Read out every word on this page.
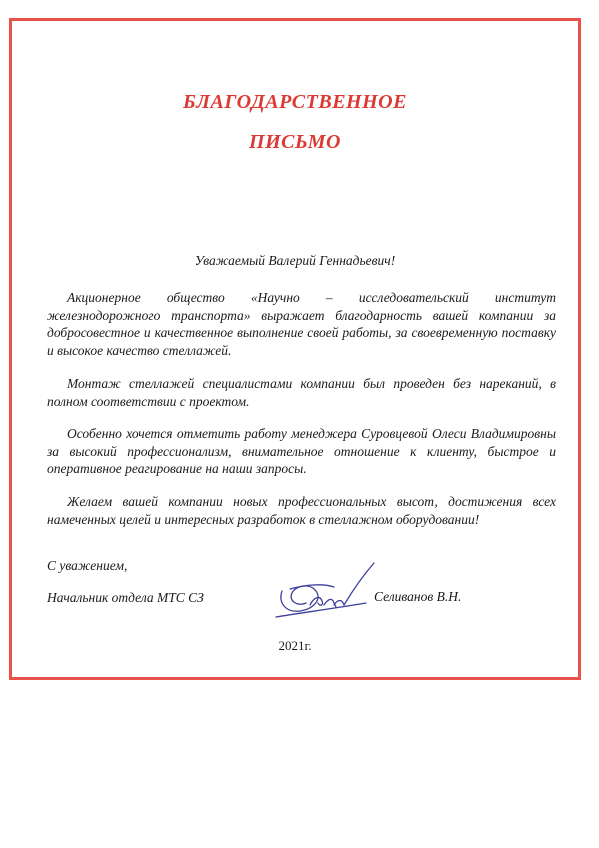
БЛАГОДАРСТВЕННОЕ
ПИСЬМО
Уважаемый Валерий Геннадьевич!
Акционерное общество «Научно – исследовательский институт железнодорожного транспорта» выражает благодарность вашей компании за добросовестное и качественное выполнение своей работы, за своевременную поставку и высокое качество стеллажей.
Монтаж стеллажей специалистами компании был проведен без нареканий, в полном соответствии с проектом.
Особенно хочется отметить работу менеджера Суровцевой Олеси Владимировны за высокий профессионализм, внимательное отношение к клиенту, быстрое и оперативное реагирование на наши запросы.
Желаем вашей компании новых профессиональных высот, достижения всех намеченных целей и интересных разработок в стеллажном оборудовании!
С уважением,
Начальник отдела МТС СЗ	Селиванов В.Н.
2021г.
